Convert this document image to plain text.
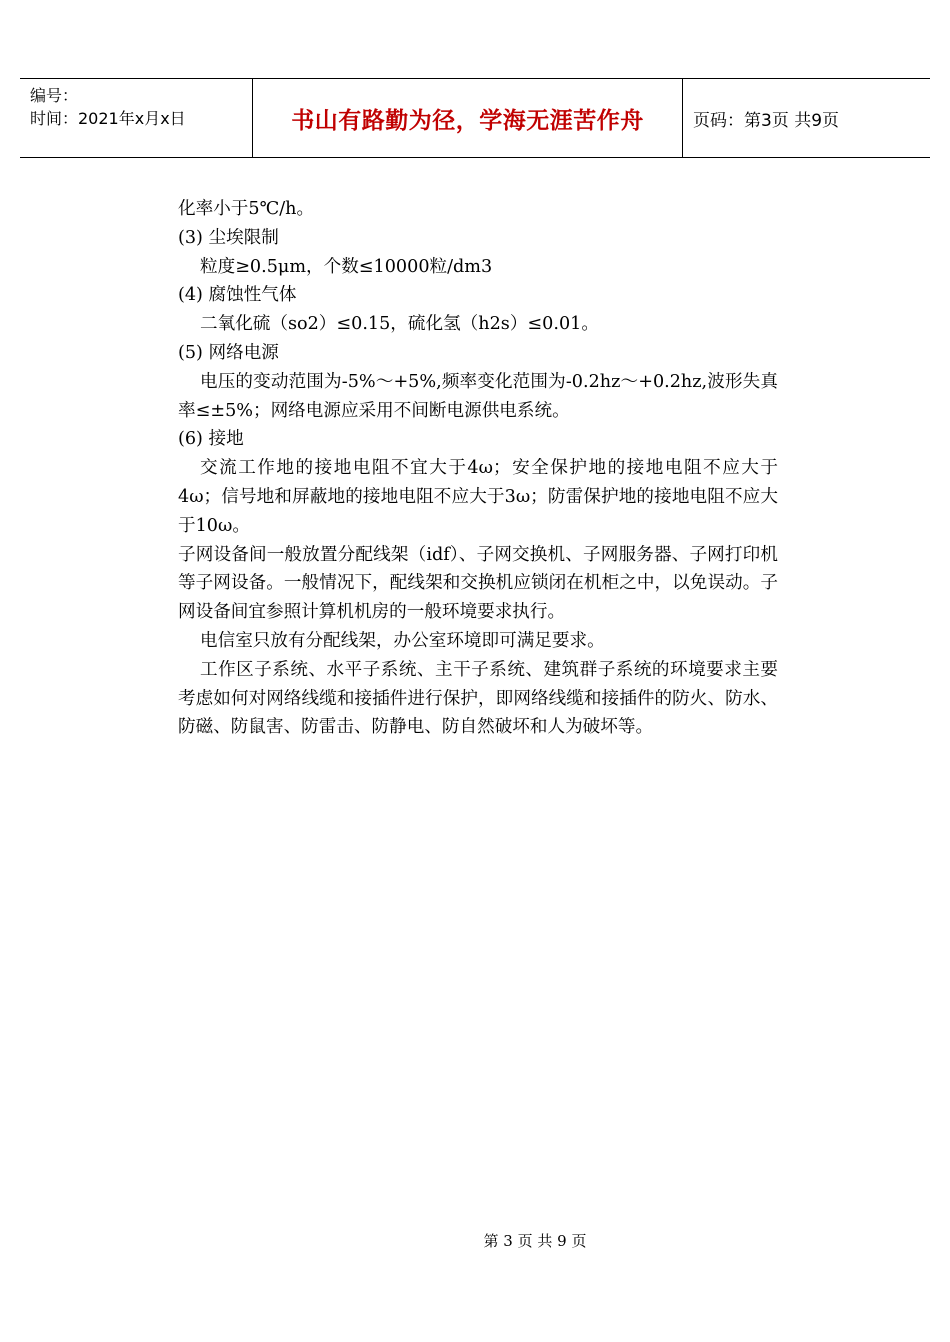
编号：
时间：2021年x月x日	书山有路勤为径，学海无涯苦作舟	页码：第3页 共9页

化率小于5℃/h。

(3) 尘埃限制

粒度≥0.5μm，个数≤10000粒/dm3

(4) 腐蚀性气体

二氧化硫（so2）≤0.15，硫化氢（h2s）≤0.01。

(5) 网络电源

电压的变动范围为-5%～+5%,频率变化范围为-0.2hz～+0.2hz,波形失真率≤±5%；网络电源应采用不间断电源供电系统。

(6) 接地

交流工作地的接地电阻不宜大于4ω；安全保护地的接地电阻不应大于4ω；信号地和屏蔽地的接地电阻不应大于3ω；防雷保护地的接地电阻不应大于10ω。

子网设备间一般放置分配线架（idf）、子网交换机、子网服务器、子网打印机等子网设备。一般情况下，配线架和交换机应锁闭在机柜之中，以免误动。子网设备间宜参照计算机机房的一般环境要求执行。

电信室只放有分配线架，办公室环境即可满足要求。

工作区子系统、水平子系统、主干子系统、建筑群子系统的环境要求主要考虑如何对网络线缆和接插件进行保护，即网络线缆和接插件的防火、防水、防磁、防鼠害、防雷击、防静电、防自然破坏和人为破坏等。

第 3 页 共 9 页
